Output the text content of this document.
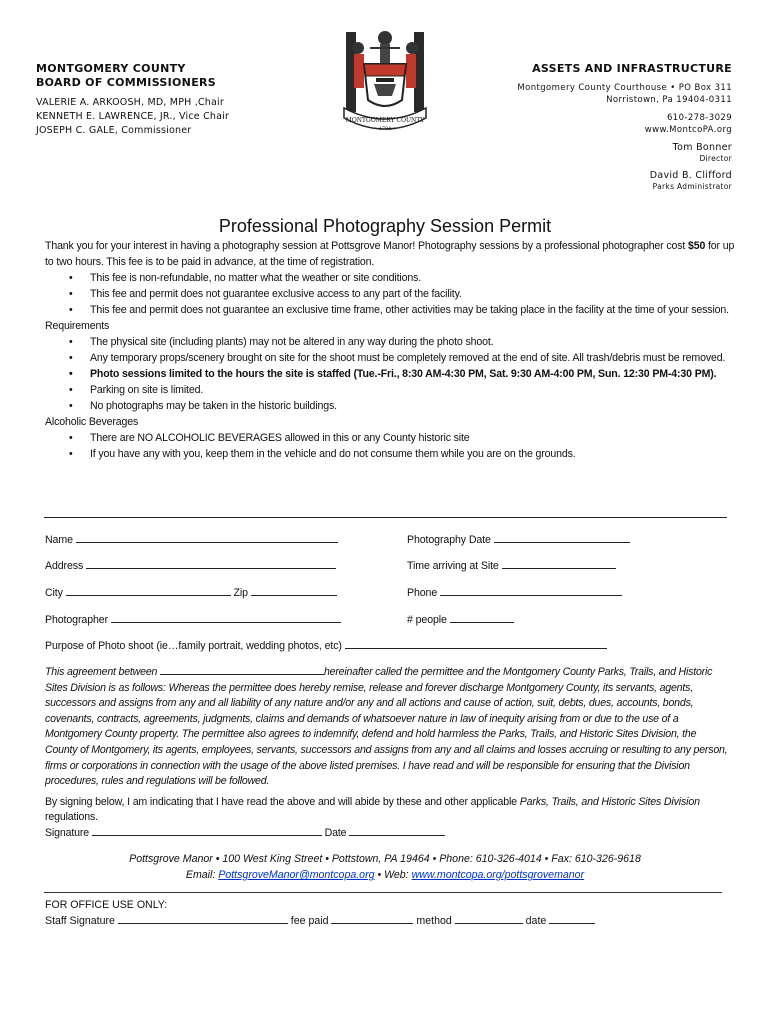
MONTGOMERY COUNTY
BOARD OF COMMISSIONERS
VALERIE A. ARKOOSH, MD, MPH ,Chair
KENNETH E. LAWRENCE, JR., Vice Chair
JOSEPH C. GALE, Commissioner
MONTGOMERY COUNTY
1784
ASSETS AND INFRASTRUCTURE
Montgomery County Courthouse • PO Box 311
Norristown, Pa 19404-0311
610-278-3029
www.MontcoPA.org
Tom Bonner
Director
David B. Clifford
Parks Administrator
Professional Photography Session Permit

Thank you for your interest in having a photography session at Pottsgrove Manor! Photography sessions by a professional photographer cost $50 for up to two hours. This fee is to be paid in advance, at the time of registration.

• This fee is non-refundable, no matter what the weather or site conditions.
• This fee and permit does not guarantee exclusive access to any part of the facility.
• This fee and permit does not guarantee an exclusive time frame, other activities may be taking place in the facility at the time of your session.

Requirements

• The physical site (including plants) may not be altered in any way during the photo shoot.
• Any temporary props/scenery brought on site for the shoot must be completely removed at the end of site. All trash/debris must be removed.
• Photo sessions limited to the hours the site is staffed (Tue.-Fri., 8:30 AM-4:30 PM, Sat. 9:30 AM-4:00 PM, Sun. 12:30 PM-4:30 PM).
• Parking on site is limited.
• No photographs may be taken in the historic buildings.

Alcoholic Beverages

• There are NO ALCOHOLIC BEVERAGES allowed in this or any County historic site
• If you have any with you, keep them in the vehicle and do not consume them while you are on the grounds.
Name	Photography Date
Address	Time arriving at Site
City	Zip	Phone
Photographer	# people
Purpose of Photo shoot (ie…family portrait, wedding photos, etc)
This agreement between	hereinafter called the permittee and the Montgomery County Parks, Trails, and Historic Sites Division is as follows: Whereas the permittee does hereby remise, release and forever discharge Montgomery County, its servants, agents, successors and assigns from any and all liability of any nature and/or any and all actions and cause of action, suit, debts, dues, accounts, bonds, covenants, contracts, agreements, judgments, claims and demands of whatsoever nature in law of inequity arising from or due to the use of a Montgomery County property. The permittee also agrees to indemnify, defend and hold harmless the Parks, Trails, and Historic Sites Division, the County of Montgomery, its agents, employees, servants, successors and assigns from any and all claims and losses accruing or resulting to any person, firms or corporations in connection with the usage of the above listed premises. I have read and will be responsible for ensuring that the Division procedures, rules and regulations will be followed.
By signing below, I am indicating that I have read the above and will abide by these and other applicable Parks, Trails, and Historic Sites Division regulations.
Signature	Date
Pottsgrove Manor • 100 West King Street • Pottstown, PA 19464 • Phone: 610-326-4014 • Fax: 610-326-9618
Email: PottsgroveManor@montcopa.org • Web: www.montcopa.org/pottsgrovemanor
FOR OFFICE USE ONLY:
Staff Signature	fee paid	method	date
